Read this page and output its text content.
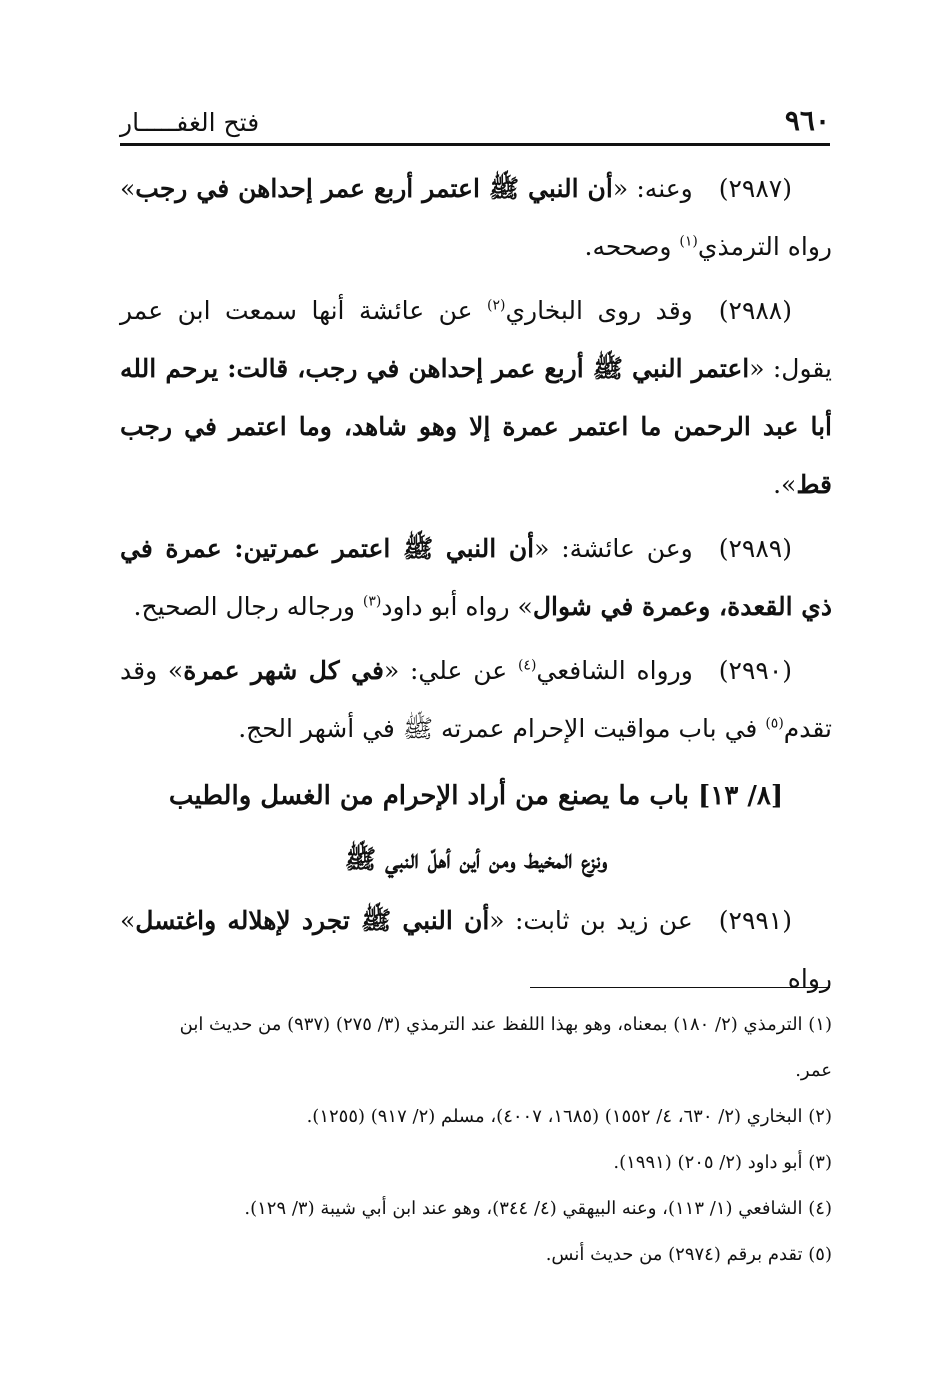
٩٦٠
فتح الغفـــــار

(٢٩٨٧)وعنه: «أن النبي ﷺ اعتمر أربع عمر إحداهن في رجب» رواه الترمذي$^{(١)}$ وصححه.

(٢٩٨٨)وقد روى البخاري$^{(٢)}$ عن عائشة أنها سمعت ابن عمر يقول: «اعتمر النبي ﷺ أربع عمر إحداهن في رجب، قالت: يرحم الله أبا عبد الرحمن ما اعتمر عمرة إلا وهو شاهد، وما اعتمر في رجب قط».

(٢٩٨٩)وعن عائشة: «أن النبي ﷺ اعتمر عمرتين: عمرة في ذي القعدة، وعمرة في شوال» رواه أبو داود$^{(٣)}$ ورجاله رجال الصحيح.

(٢٩٩٠)ورواه الشافعي$^{(٤)}$ عن علي: «في كل شهر عمرة» وقد تقدم$^{(٥)}$ في باب مواقيت الإحرام عمرته ﷺ في أشهر الحج.

[٨/ ١٣] باب ما يصنع من أراد الإحرام من الغسل والطيب

ونزع المخيط ومن أين أهلّ النبي ﷺ

(٢٩٩١)عن زيد بن ثابت: «أن النبي ﷺ تجرد لإهلاله واغتسل» رواه

(١) الترمذي (٢/ ١٨٠) بمعناه، وهو بهذا اللفظ عند الترمذي (٣/ ٢٧٥) (٩٣٧) من حديث ابن

عمر.

(٢) البخاري (٢/ ٦٣٠، ٤/ ١٥٥٢) (١٦٨٥، ٤٠٠٧)، مسلم (٢/ ٩١٧) (١٢٥٥).

(٣) أبو داود (٢/ ٢٠٥) (١٩٩١).

(٤) الشافعي (١/ ١١٣)، وعنه البيهقي (٤/ ٣٤٤)، وهو عند ابن أبي شيبة (٣/ ١٢٩).

(٥) تقدم برقم (٢٩٧٤) من حديث أنس.
